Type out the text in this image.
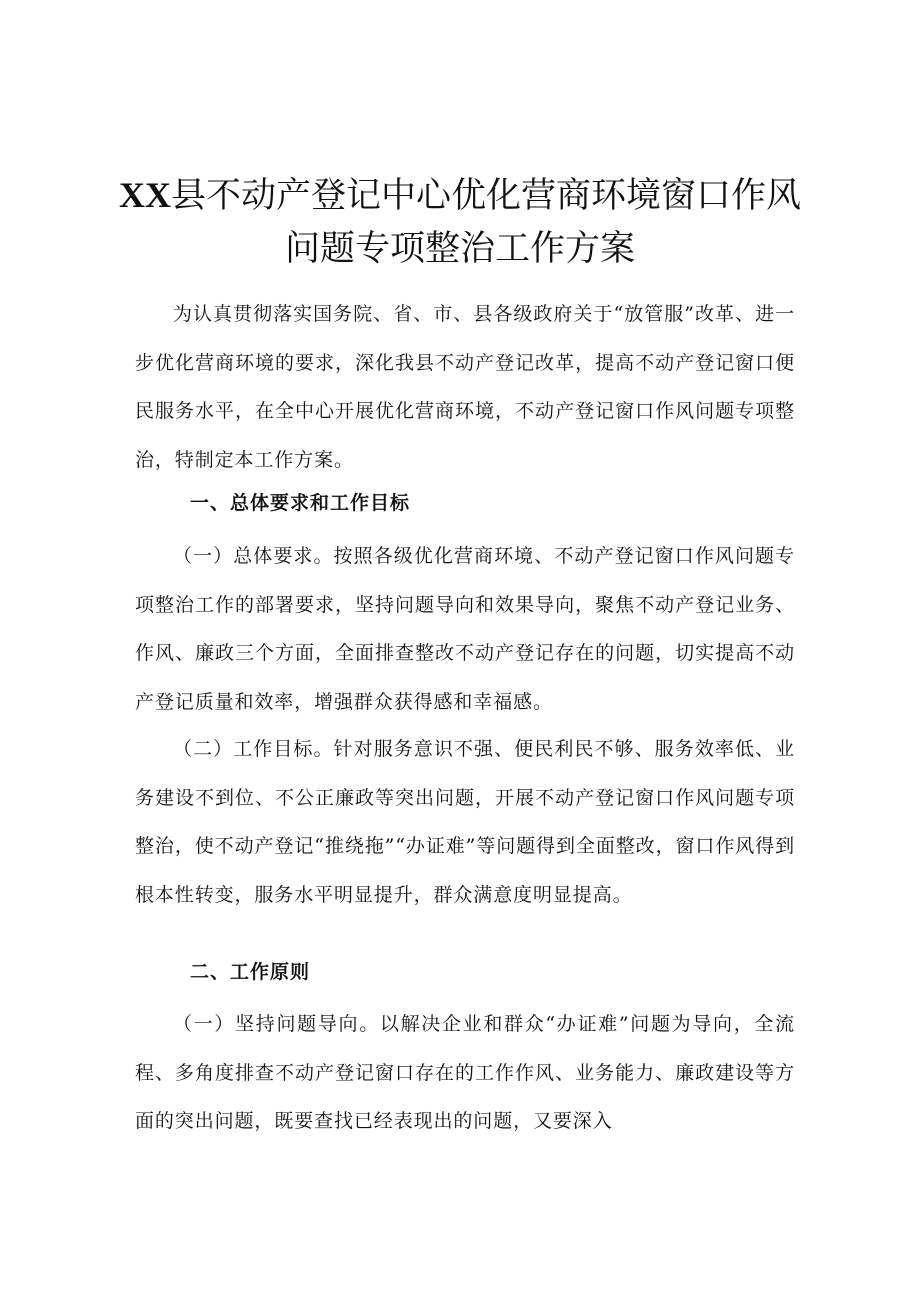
XX县不动产登记中心优化营商环境窗口作风
问题专项整治工作方案

为认真贯彻落实国务院、省、市、县各级政府关于“放管服”改革、进一步优化营商环境的要求，深化我县不动产登记改革，提高不动产登记窗口便民服务水平，在全中心开展优化营商环境，不动产登记窗口作风问题专项整治，特制定本工作方案。

一、总体要求和工作目标

（一）总体要求。按照各级优化营商环境、不动产登记窗口作风问题专项整治工作的部署要求，坚持问题导向和效果导向，聚焦不动产登记业务、作风、廉政三个方面，全面排查整改不动产登记存在的问题，切实提高不动产登记质量和效率，增强群众获得感和幸福感。

（二）工作目标。针对服务意识不强、便民利民不够、服务效率低、业务建设不到位、不公正廉政等突出问题，开展不动产登记窗口作风问题专项整治，使不动产登记“推绕拖”“办证难”等问题得到全面整改，窗口作风得到根本性转变，服务水平明显提升，群众满意度明显提高。

二、工作原则

（一）坚持问题导向。以解决企业和群众“办证难”问题为导向，全流程、多角度排查不动产登记窗口存在的工作作风、业务能力、廉政建设等方面的突出问题，既要查找已经表现出的问题，又要深入
